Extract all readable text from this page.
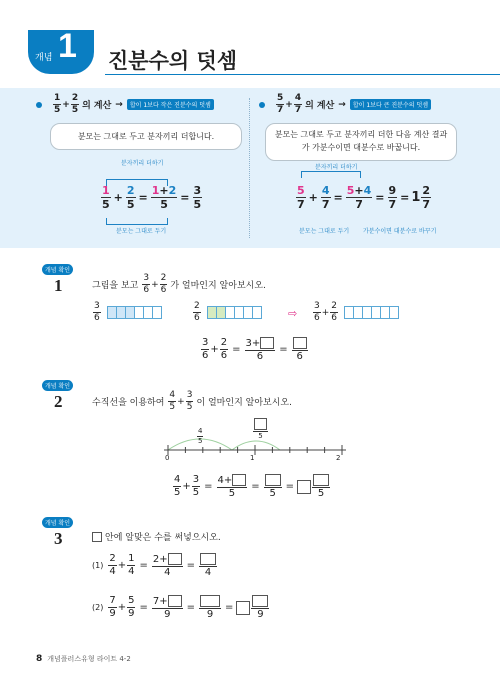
개념 1 진분수의 덧셈
$\frac{1}{5} + \frac{2}{5}$ 의 계산 →	합이 1보다 작은 진분수의 덧셈
분모는 그대로 두고 분자끼리 더합니다.
분자끼리 더하기
$\frac{1}{5} + \frac{2}{5} = \frac{1+2}{5} = \frac{3}{5}$
분모는 그대로 두기
$\frac{5}{7} + \frac{4}{7}$ 의 계산 →	합이 1보다 큰 진분수의 덧셈
분모는 그대로 두고 분자끼리 더한 다음 계산 결과가 가분수이면 대분수로 바꿉니다.
분자끼리 더하기
$\frac{5}{7} + \frac{4}{7} = \frac{5+4}{7} = \frac{9}{7} = 1 \frac{2}{7}$
분모는 그대로 두기 가분수이면 대분수로 바꾸기
개념 확인
1	그림을 보고 $\frac{3}{6} + \frac{2}{6}$ 가 얼마인지 알아보시오.
$\frac{3}{6}$	$\frac{2}{6}$	⇨ $\frac{3}{6} + \frac{2}{6}$
$\frac{3}{6} + \frac{2}{6} = \frac{3+}{6}$ =
6
개념 확인
2	수직선을 이용하여 $\frac{4}{5} + \frac{3}{5}$ 이 얼마인지 알아보시오.
$\frac{4}{5}$	5
0	1	2
$\frac{4}{5} + \frac{3}{5} = \frac{4+}{5}$ =
5
=
5
개념 확인
3	안에 알맞은 수를 써넣으시오.
$(1) \frac{2}{4} + \frac{1}{4} = \frac{2+}{4}$ =
4
$(2) \frac{7}{9} + \frac{5}{9} = \frac{7+}{9}$ =
9
=
9
8 개념플러스유형 라이트 4-2
